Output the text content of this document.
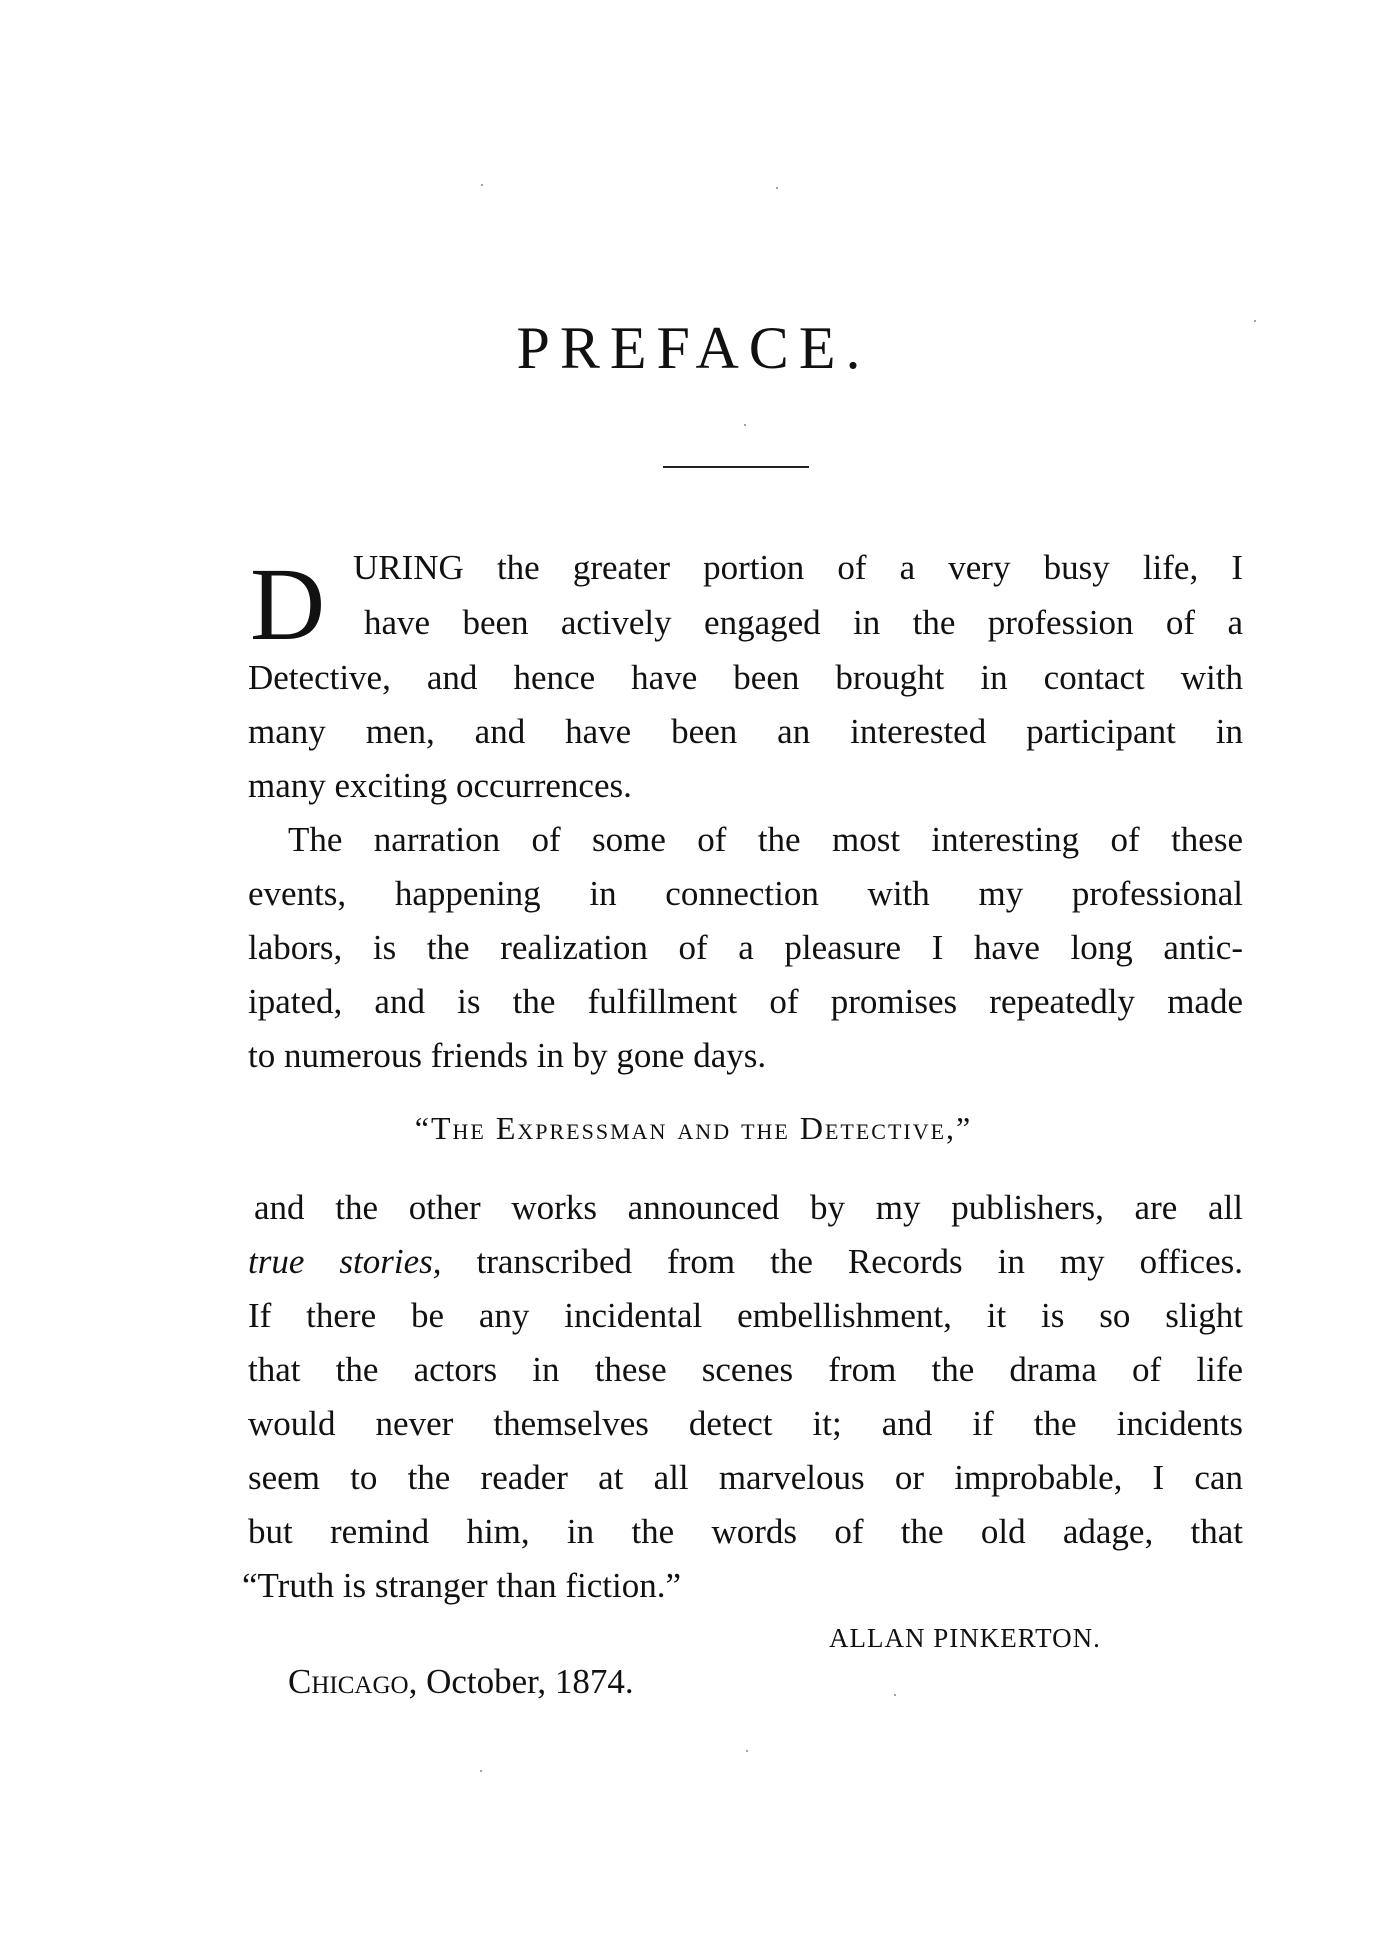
PREFACE.
D URING the greater portion of a very busy life, I
have been actively engaged in the profession of a
Detective, and hence have been brought in contact with
many men, and have been an interested participant in
many exciting occurrences.
The narration of some of the most interesting of these
events, happening in connection with my professional
labors, is the realization of a pleasure I have long antic-
ipated, and is the fulfillment of promises repeatedly made
to numerous friends in by gone days.
“The Expressman and the Detective,”
and the other works announced by my publishers, are all
true stories, transcribed from the Records in my offices.
If there be any incidental embellishment, it is so slight
that the actors in these scenes from the drama of life
would never themselves detect it; and if the incidents
seem to the reader at all marvelous or improbable, I can
but remind him, in the words of the old adage, that
“Truth is stranger than fiction.”
ALLAN PINKERTON.
Chicago, October, 1874.
